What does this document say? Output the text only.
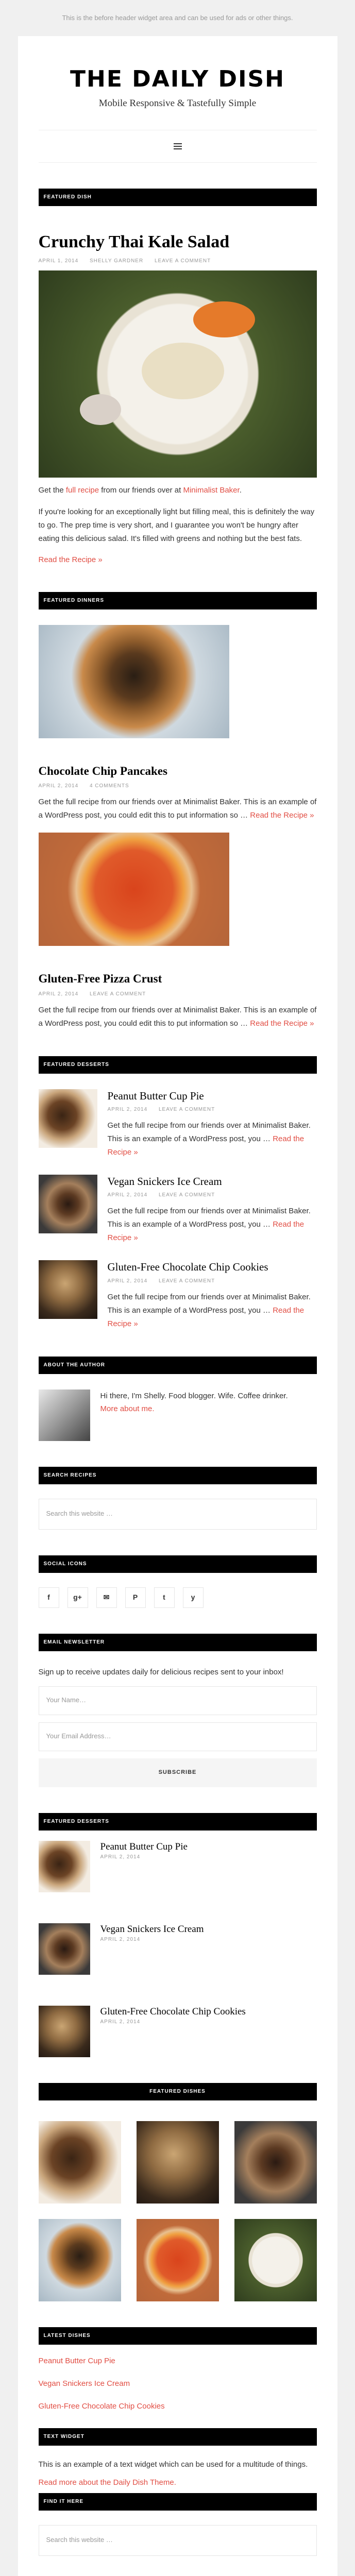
This is the before header widget area and can be used for ads or other things.
THE DAILY DISH
Mobile Responsive & Tastefully Simple
FEATURED DISH
Crunchy Thai Kale Salad
APRIL 1, 2014 SHELLY GARDNER LEAVE A COMMENT

Get the full recipe from our friends over at Minimalist Baker.

If you're looking for an exceptionally light but filling meal, this is definitely the way to go. The prep time is very short, and I guarantee you won't be hungry after eating this delicious salad. It's filled with greens and nothing but the best fats.

Read the Recipe »
FEATURED DINNERS
Chocolate Chip Pancakes
APRIL 2, 2014 4 COMMENTS

Get the full recipe from our friends over at Minimalist Baker. This is an example of a WordPress post, you could edit this to put information so … Read the Recipe »

Gluten-Free Pizza Crust
APRIL 2, 2014 LEAVE A COMMENT

Get the full recipe from our friends over at Minimalist Baker. This is an example of a WordPress post, you could edit this to put information so … Read the Recipe »

FEATURED DESSERTS
Peanut Butter Cup Pie
APRIL 2, 2014 LEAVE A COMMENT

Get the full recipe from our friends over at Minimalist Baker. This is an example of a WordPress post, you … Read the Recipe »

Vegan Snickers Ice Cream
APRIL 2, 2014 LEAVE A COMMENT

Get the full recipe from our friends over at Minimalist Baker. This is an example of a WordPress post, you … Read the Recipe »

Gluten-Free Chocolate Chip Cookies
APRIL 2, 2014 LEAVE A COMMENT

Get the full recipe from our friends over at Minimalist Baker. This is an example of a WordPress post, you … Read the Recipe »

ABOUT THE AUTHOR

Hi there, I'm Shelly. Food blogger. Wife. Coffee drinker.

More about me.
SEARCH RECIPES
Search this website …
SOCIAL ICONS
f	g+	✉	P	t	y
EMAIL NEWSLETTER

Sign up to receive updates daily for delicious recipes sent to your inbox!

Your Name…
Your Email Address…
SUBSCRIBE
FEATURED DESSERTS
Peanut Butter Cup Pie
APRIL 2, 2014
Vegan Snickers Ice Cream
APRIL 2, 2014
Gluten-Free Chocolate Chip Cookies
APRIL 2, 2014
FEATURED DISHES
LATEST DISHES
Peanut Butter Cup Pie
Vegan Snickers Ice Cream
Gluten-Free Chocolate Chip Cookies
TEXT WIDGET

This is an example of a text widget which can be used for a multitude of things.

Read more about the Daily Dish Theme.
FIND IT HERE
Search this website …
